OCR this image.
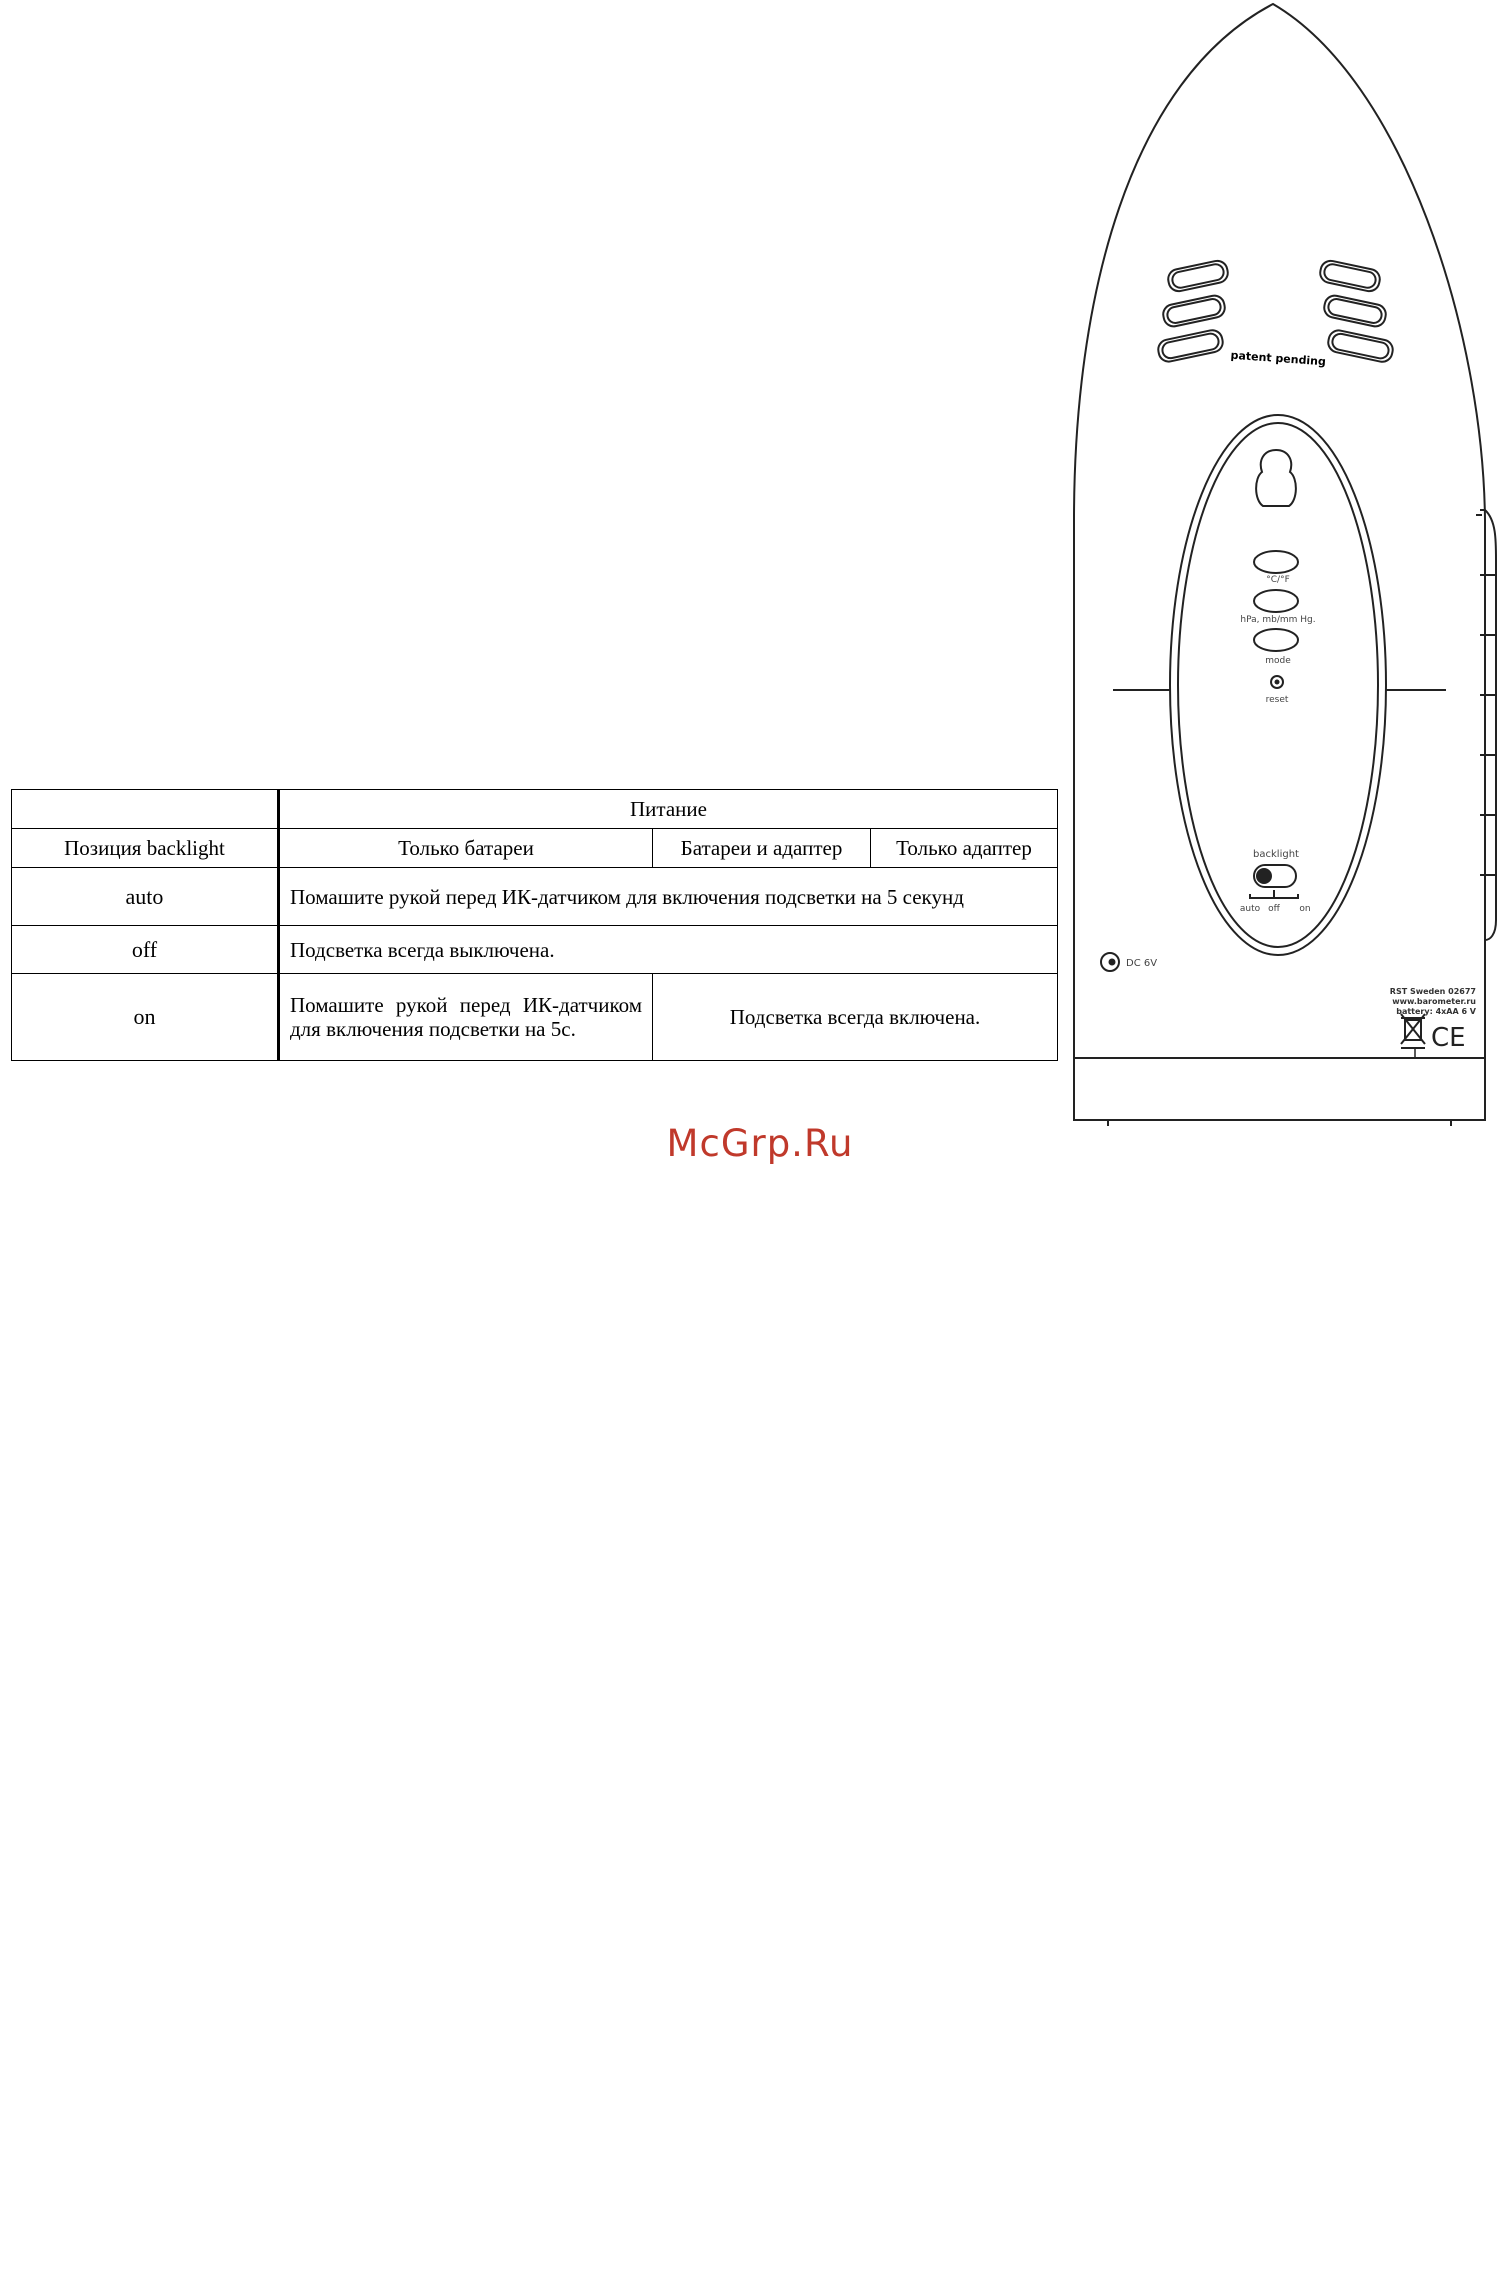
	Питание		
Позиция backlight	Только батареи	Батареи и адаптер	Только адаптер
auto	Помашите рукой перед ИК-датчиком для включения подсветки на 5 секунд		
off	Подсветка всегда выключена.		
on	Помашите рукой перед ИК-датчиком для включения подсветки на 5с.	Подсветка всегда включена.	
patent pending
°C/°F
hPa, mb/mm Hg.
mode
reset
backlight
auto off on
DC 6V
RST Sweden 02677
www.barometer.ru
battery: 4xAA 6 V
CE
McGrp.Ru
